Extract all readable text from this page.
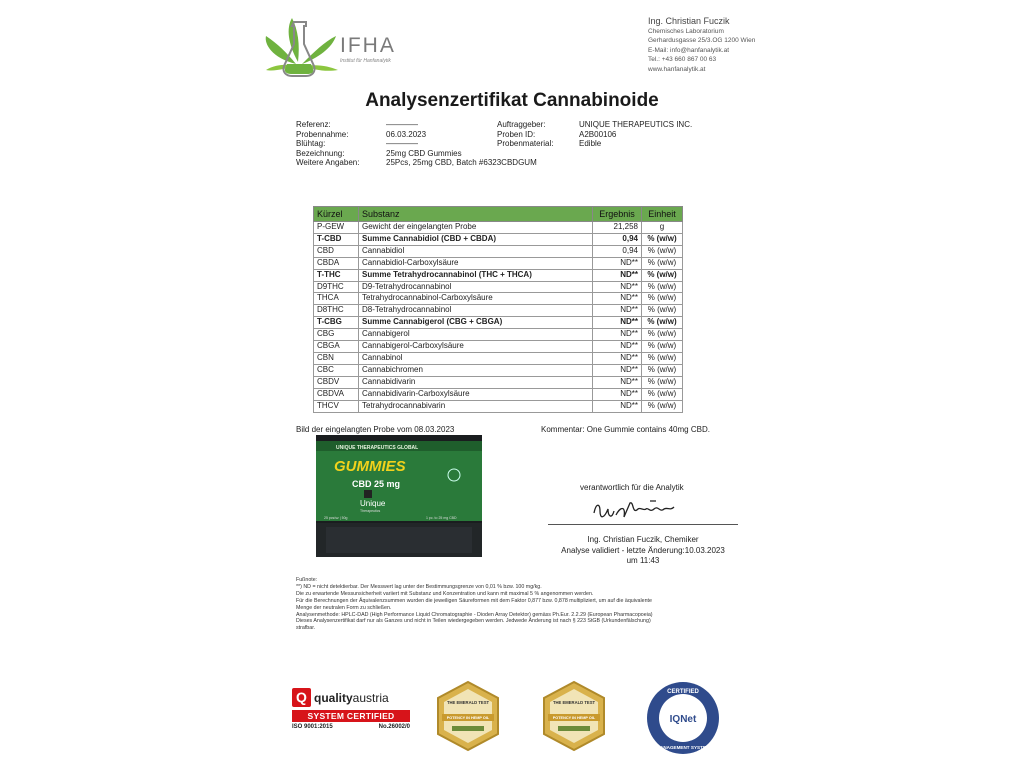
IFHA
Institut für Hanfanalytik
Ing. Christian Fuczik
Chemisches Laboratorium
Gerhardusgasse 25/3.OG 1200 Wien
E-Mail: info@hanfanalytik.at
Tel.: +43 660 867 00 63
www.hanfanalytik.at
Analysenzertifikat Cannabinoide
Referenz:	————
Probennahme:	06.03.2023
Blühtag:	————
Bezeichnung:	25mg CBD Gummies
Weitere Angaben:	25Pcs, 25mg CBD, Batch #6323CBDGUM
Auftraggeber:	UNIQUE THERAPEUTICS INC.
Proben ID:	A2B00106
Probenmaterial:	Edible
Kürzel	Substanz	Ergebnis	Einheit
P-GEW	Gewicht der eingelangten Probe	21,258	g
T-CBD	Summe Cannabidiol (CBD + CBDA)	0,94	% (w/w)
CBD	Cannabidiol	0,94	% (w/w)
CBDA	Cannabidiol-Carboxylsäure	ND**	% (w/w)
T-THC	Summe Tetrahydrocannabinol (THC + THCA)	ND**	% (w/w)
D9THC	D9-Tetrahydrocannabinol	ND**	% (w/w)
THCA	Tetrahydrocannabinol-Carboxylsäure	ND**	% (w/w)
D8THC	D8-Tetrahydrocannabinol	ND**	% (w/w)
T-CBG	Summe Cannabigerol (CBG + CBGA)	ND**	% (w/w)
CBG	Cannabigerol	ND**	% (w/w)
CBGA	Cannabigerol-Carboxylsäure	ND**	% (w/w)
CBN	Cannabinol	ND**	% (w/w)
CBC	Cannabichromen	ND**	% (w/w)
CBDV	Cannabidivarin	ND**	% (w/w)
CBDVA	Cannabidivarin-Carboxylsäure	ND**	% (w/w)
THCV	Tetrahydrocannabivarin	ND**	% (w/w)
Bild der eingelangten Probe vom 08.03.2023
UNIQUE THERAPEUTICS GLOBAL
GUMMIES
CBD 25 mg
Unique
Therapeutics
25 pcs/sz | 50g	1 pc. to 25 mg CBD
Kommentar: One Gummie contains 40mg CBD.
verantwortlich für die Analytik
Ing. Christian Fuczik, Chemiker
Analyse validiert - letzte Änderung:10.03.2023
um 11:43
Fußnote:
**) ND = nicht detektierbar. Der Messwert lag unter der Bestimmungsgrenze von 0,01 % bzw. 100 mg/kg.
Die zu erwartende Messunsicherheit variiert mit Substanz und Konzentration und kann mit maximal 5 % angenommen werden.
Für die Berechnungen der Äquivalenzsummen wurden die jeweiligen Säureformen mit dem Faktor 0,877 bzw. 0,878 multipliziert, um auf die äquivalente
Menge der neutralen Form zu schließen.
Analysenmethode: HPLC-DAD (High Performance Liquid Chromatographie - Dioden Array Detektor) gemäss Ph.Eur. 2.2.29 (European Pharmacopoeia)
Dieses Analysenzertifikat darf nur als Ganzes und nicht in Teilen wiedergegeben werden. Jedwede Änderung ist nach § 223 StGB (Urkundenfälschung)
strafbar.
Q qualityaustria
SYSTEM CERTIFIED
ISO 9001:2015	No.26002/0
THE EMERALD TEST
POTENCY IN HEMP OIL
THE EMERALD TEST
POTENCY IN HEMP OIL
CERTIFIED
IQNet
MANAGEMENT SYSTEM
